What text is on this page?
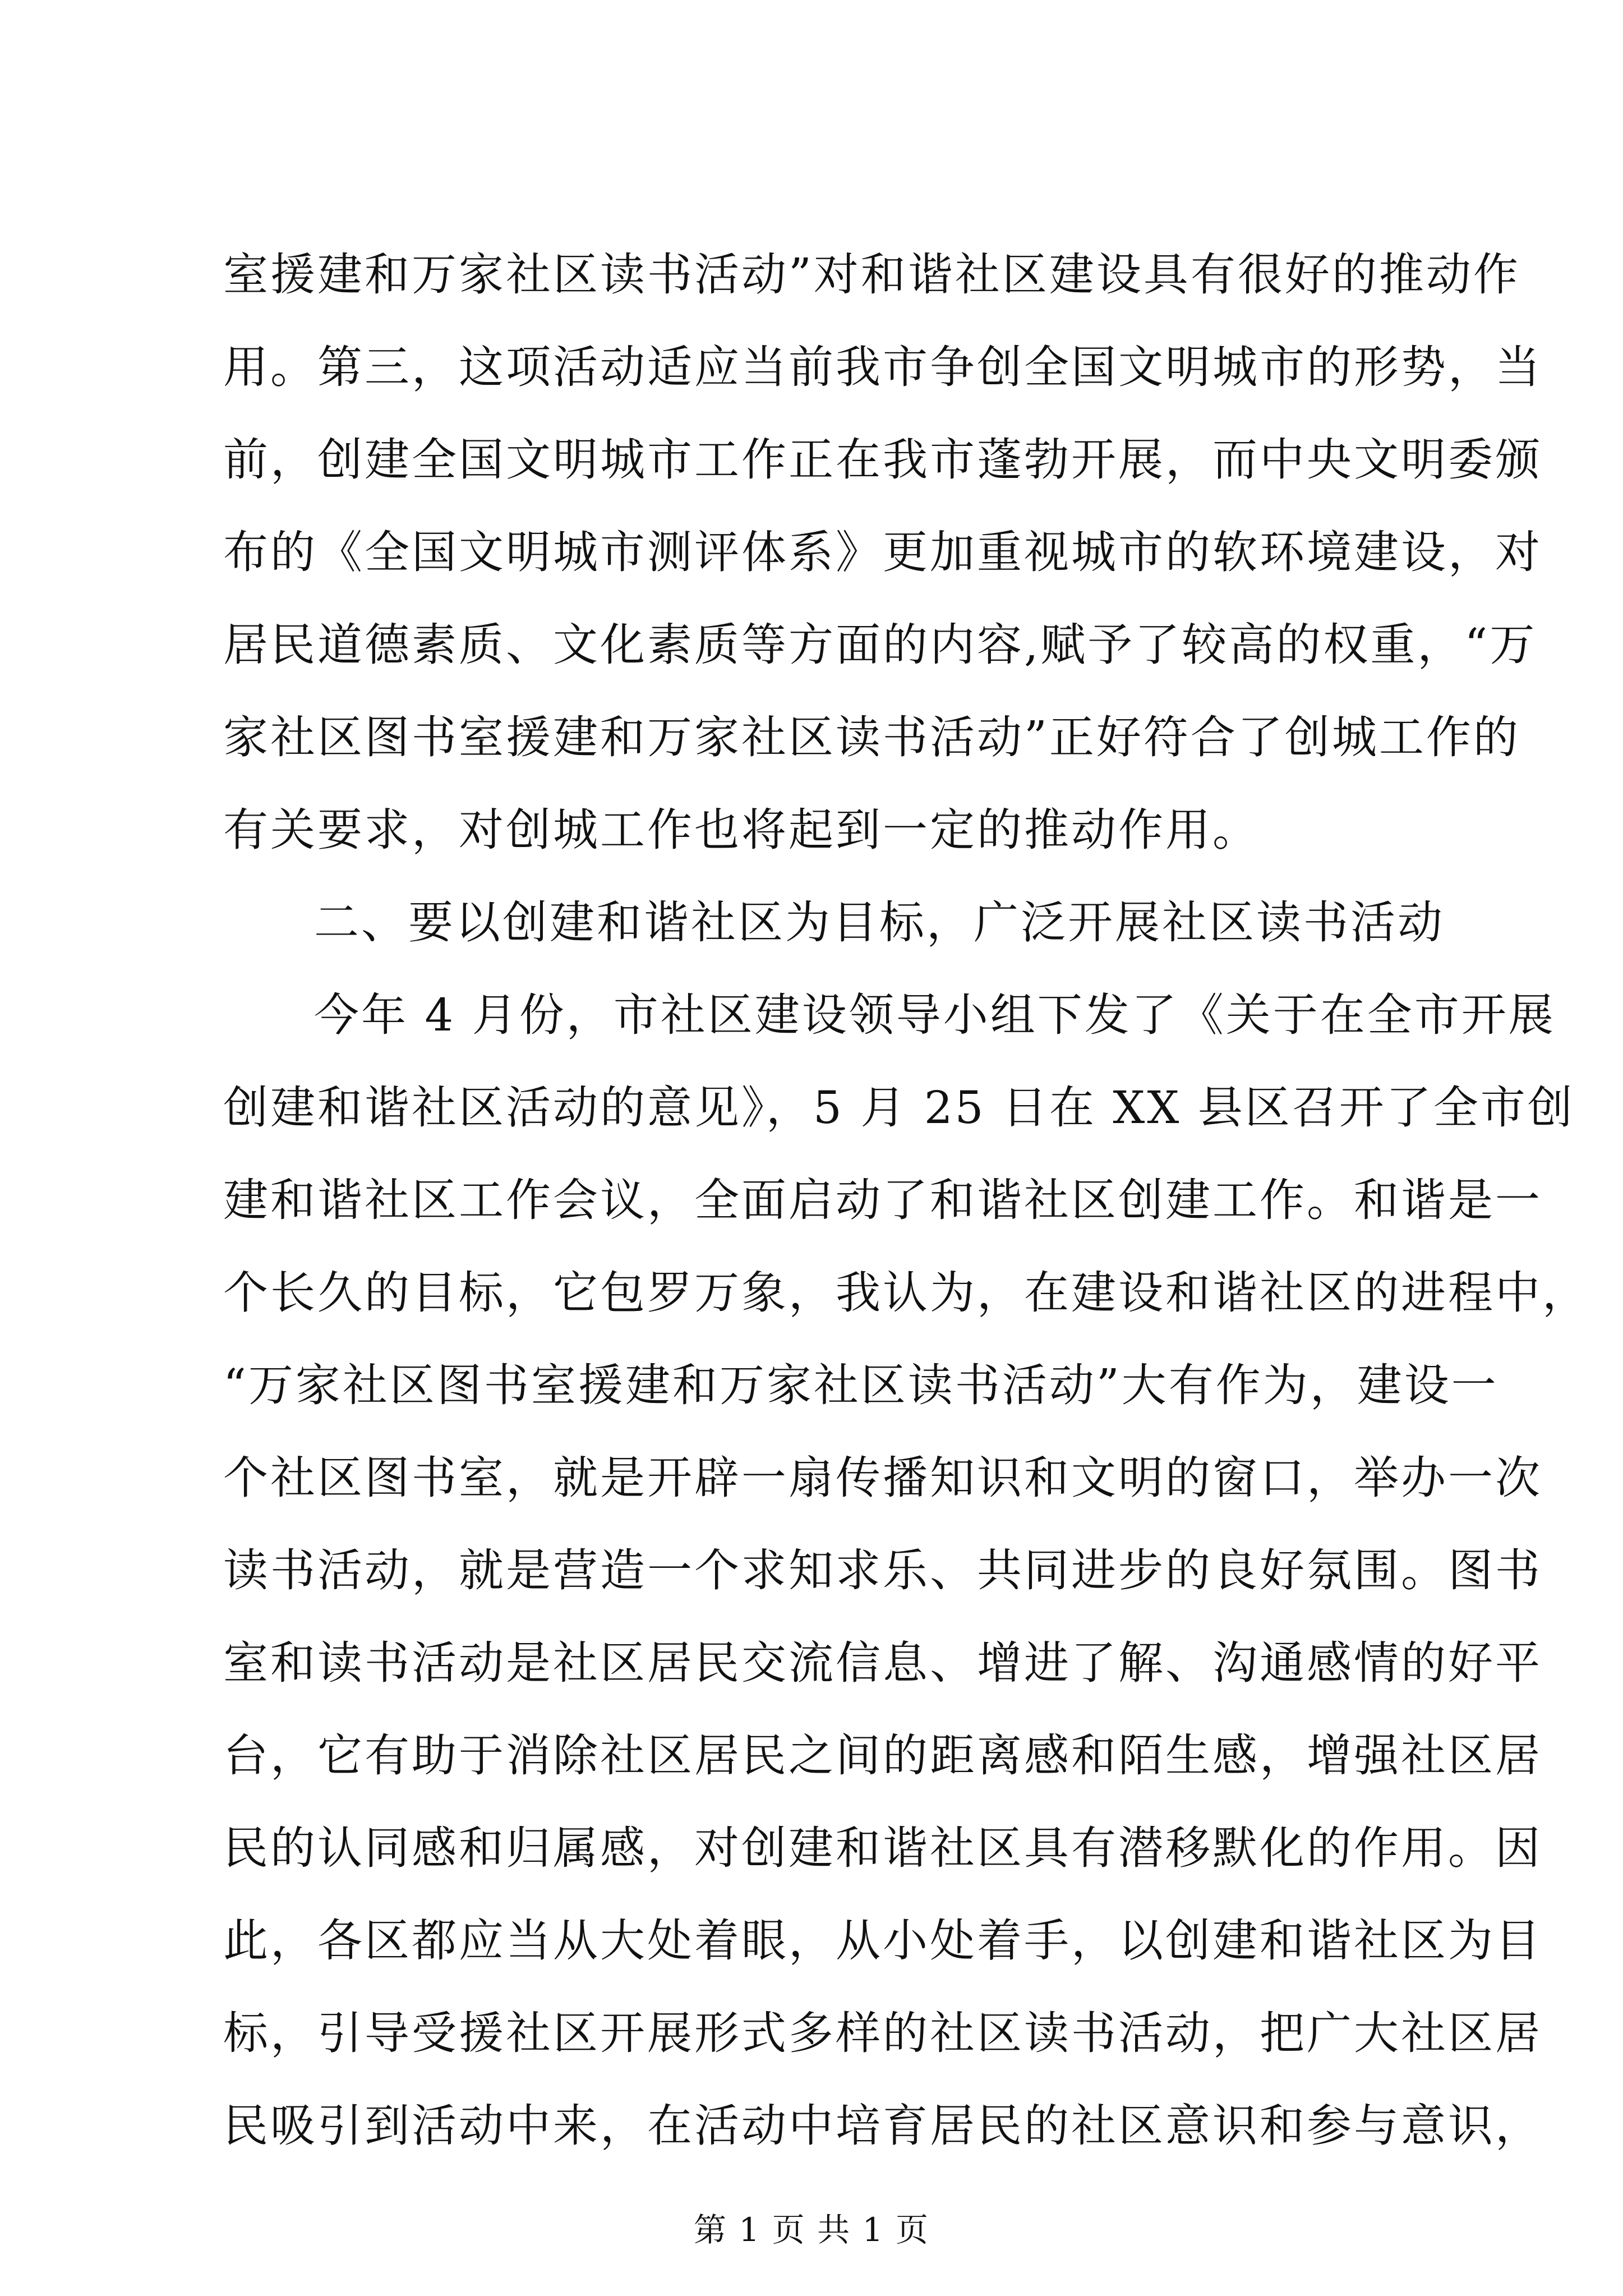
室援建和万家社区读书活动”对和谐社区建设具有很好的推动作
用。第三，这项活动适应当前我市争创全国文明城市的形势，当
前，创建全国文明城市工作正在我市蓬勃开展，而中央文明委颁
布的《全国文明城市测评体系》更加重视城市的软环境建设，对
居民道德素质、文化素质等方面的内容,赋予了较高的权重，“万
家社区图书室援建和万家社区读书活动”正好符合了创城工作的
有关要求，对创城工作也将起到一定的推动作用。
二、要以创建和谐社区为目标，广泛开展社区读书活动
今年 4 月份，市社区建设领导小组下发了《关于在全市开展
创建和谐社区活动的意见》，5 月 25 日在 XX 县区召开了全市创
建和谐社区工作会议，全面启动了和谐社区创建工作。和谐是一
个长久的目标，它包罗万象，我认为，在建设和谐社区的进程中，
“万家社区图书室援建和万家社区读书活动”大有作为，建设一
个社区图书室，就是开辟一扇传播知识和文明的窗口，举办一次
读书活动，就是营造一个求知求乐、共同进步的良好氛围。图书
室和读书活动是社区居民交流信息、增进了解、沟通感情的好平
台，它有助于消除社区居民之间的距离感和陌生感，增强社区居
民的认同感和归属感，对创建和谐社区具有潜移默化的作用。因
此，各区都应当从大处着眼，从小处着手，以创建和谐社区为目
标，引导受援社区开展形式多样的社区读书活动，把广大社区居
民吸引到活动中来，在活动中培育居民的社区意识和参与意识，
第 1 页 共 1 页
